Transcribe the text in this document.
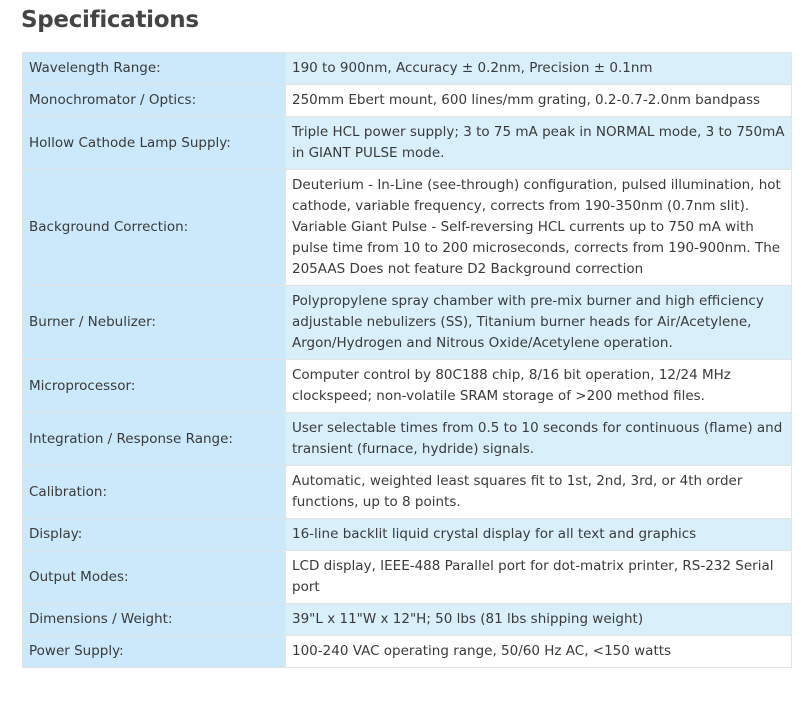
Specifications
Wavelength Range:	190 to 900nm, Accuracy ± 0.2nm, Precision ± 0.1nm
Monochromator / Optics:	250mm Ebert mount, 600 lines/mm grating, 0.2-0.7-2.0nm bandpass
Hollow Cathode Lamp Supply:	Triple HCL power supply; 3 to 75 mA peak in NORMAL mode, 3 to 750mA in GIANT PULSE mode.
Background Correction:	Deuterium - In-Line (see-through) configuration, pulsed illumination, hot cathode, variable frequency, corrects from 190-350nm (0.7nm slit). Variable Giant Pulse - Self-reversing HCL currents up to 750 mA with pulse time from 10 to 200 microseconds, corrects from 190-900nm. The 205AAS Does not feature D2 Background correction
Burner / Nebulizer:	Polypropylene spray chamber with pre-mix burner and high efficiency adjustable nebulizers (SS), Titanium burner heads for Air/Acetylene, Argon/Hydrogen and Nitrous Oxide/Acetylene operation.
Microprocessor:	Computer control by 80C188 chip, 8/16 bit operation, 12/24 MHz clockspeed; non-volatile SRAM storage of >200 method files.
Integration / Response Range:	User selectable times from 0.5 to 10 seconds for continuous (flame) and transient (furnace, hydride) signals.
Calibration:	Automatic, weighted least squares fit to 1st, 2nd, 3rd, or 4th order functions, up to 8 points.
Display:	16-line backlit liquid crystal display for all text and graphics
Output Modes:	LCD display, IEEE-488 Parallel port for dot-matrix printer, RS-232 Serial port
Dimensions / Weight:	39"L x 11"W x 12"H; 50 lbs (81 lbs shipping weight)
Power Supply:	100-240 VAC operating range, 50/60 Hz AC, <150 watts
